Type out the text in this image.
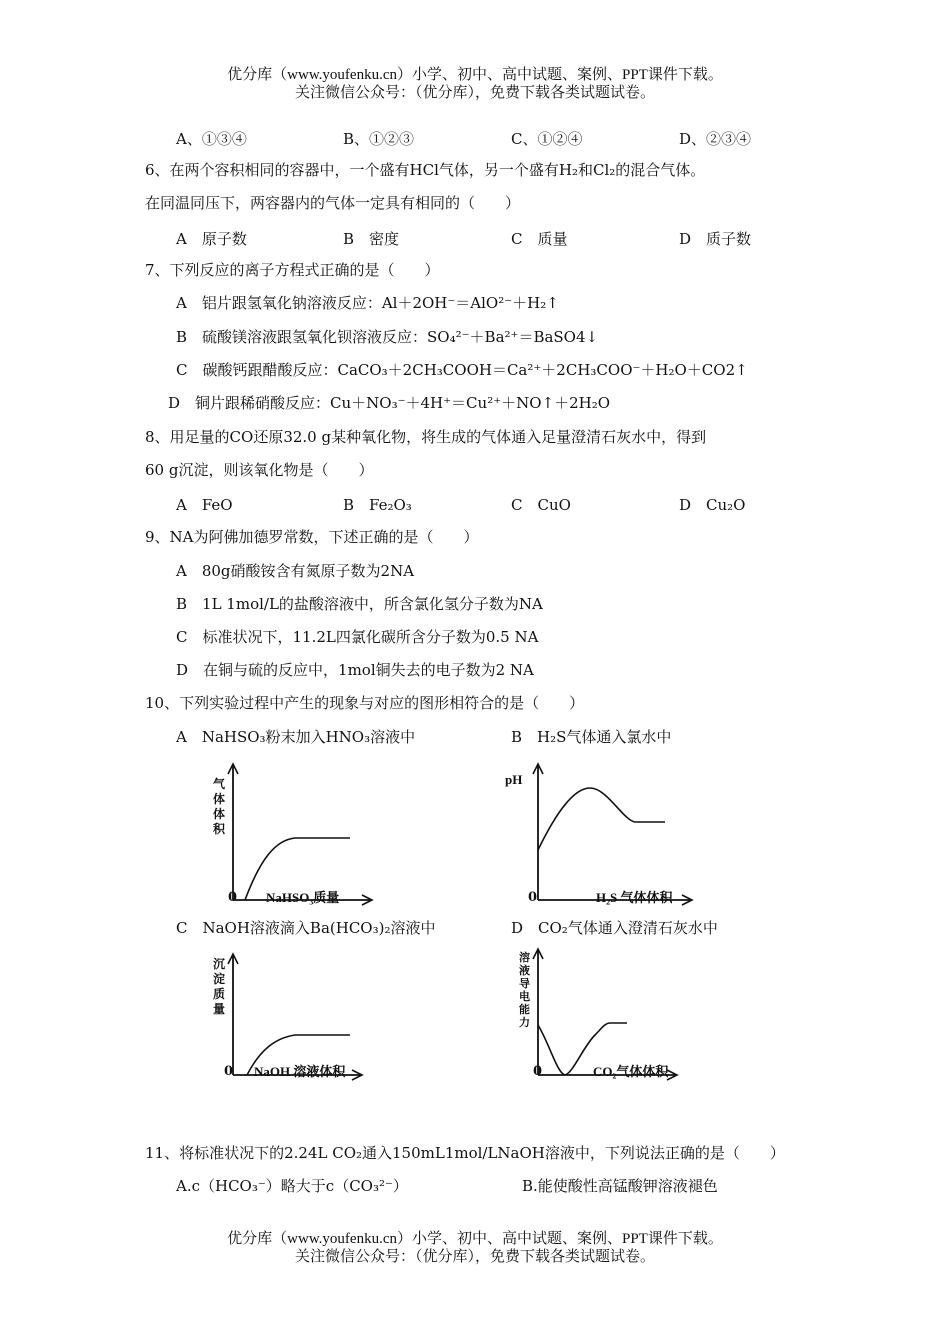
优分库（www.youfenku.cn）小学、初中、高中试题、案例、PPT课件下载。
关注微信公众号：（优分库），免费下载各类试题试卷。
A、①③④	B、①②③	C、①②④	D、②③④
6、在两个容积相同的容器中，一个盛有HCl气体，另一个盛有H₂和Cl₂的混合气体。
在同温同压下，两容器内的气体一定具有相同的（　　）
A　原子数	B　密度	C　质量	D　质子数
7、下列反应的离子方程式正确的是（　　）
A　铝片跟氢氧化钠溶液反应：Al＋2OH⁻＝AlO²⁻＋H₂↑
B　硫酸镁溶液跟氢氧化钡溶液反应：SO₄²⁻＋Ba²⁺＝BaSO4↓
C　碳酸钙跟醋酸反应：CaCO₃＋2CH₃COOH＝Ca²⁺＋2CH₃COO⁻＋H₂O＋CO2↑
D　铜片跟稀硝酸反应：Cu＋NO₃⁻＋4H⁺＝Cu²⁺＋NO↑＋2H₂O
8、用足量的CO还原32.0 g某种氧化物，将生成的气体通入足量澄清石灰水中，得到
60 g沉淀，则该氧化物是（　　）
A　FeO	B　Fe₂O₃	C　CuO	D　Cu₂O
9、NA为阿佛加德罗常数，下述正确的是（　　）
A　80g硝酸铵含有氮原子数为2NA
B　1L 1mol/L的盐酸溶液中，所含氯化氢分子数为NA
C　标准状况下，11.2L四氯化碳所含分子数为0.5 NA
D　在铜与硫的反应中，1mol铜失去的电子数为2 NA
10、下列实验过程中产生的现象与对应的图形相符合的是（　　）
A　NaHSO₃粉末加入HNO₃溶液中	B　H₂S气体通入氯水中
气
体
体
积
0 NaHSO₃质量
pH
0	H₂S 气体体积
C　NaOH溶液滴入Ba(HCO₃)₂溶液中	D　CO₂气体通入澄清石灰水中
沉
淀
质
量
0 NaOH 溶液体积
溶
液
导
电
能
力
0	CO₂气体体积
11、将标准状况下的2.24L CO₂通入150mL1mol/LNaOH溶液中，下列说法正确的是（　　）
A.c（HCO₃⁻）略大于c（CO₃²⁻）	B.能使酸性高锰酸钾溶液褪色
优分库（www.youfenku.cn）小学、初中、高中试题、案例、PPT课件下载。
关注微信公众号：（优分库），免费下载各类试题试卷。
